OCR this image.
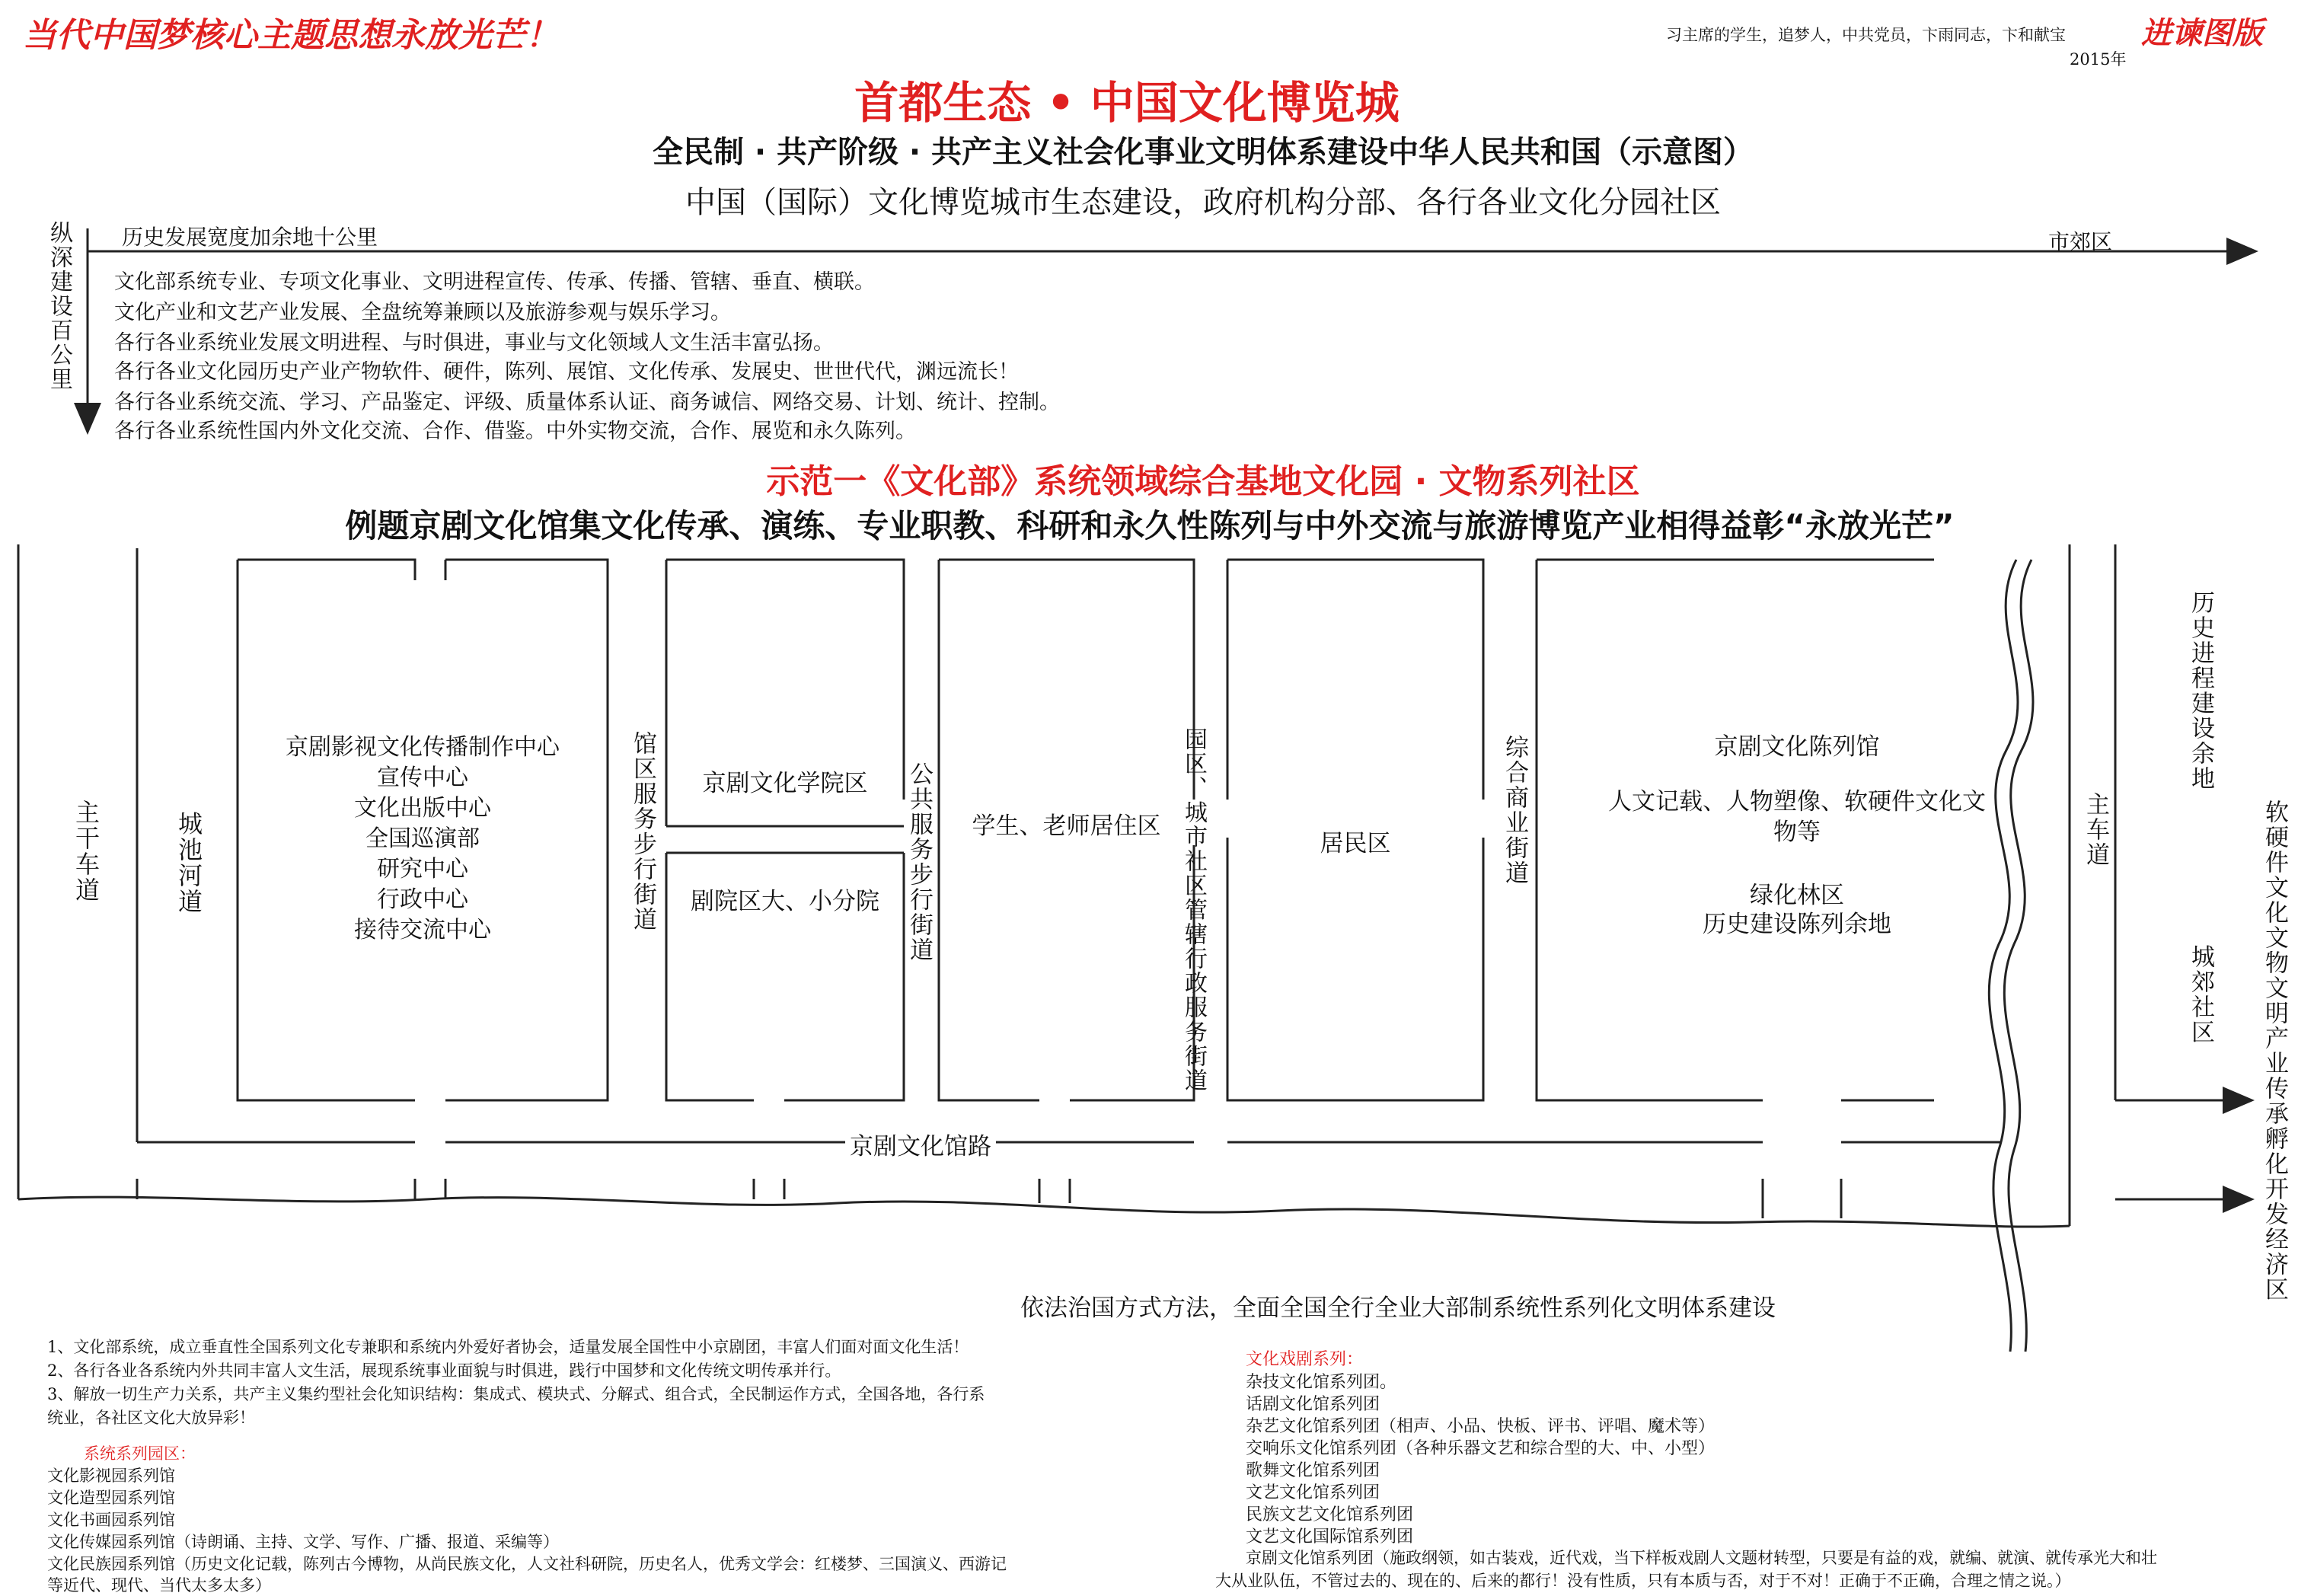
当代中国梦核心主题思想永放光芒！	习主席的学生，追梦人，中共党员，卞雨同志，卞和献宝
2015年
进谏图版
首都生态 • 中国文化博览城
全民制 · 共产阶级 · 共产主义社会化事业文明体系建设中华人民共和国（示意图）
中国（国际）文化博览城市生态建设，政府机构分部、各行各业文化分园社区
历史发展宽度加余地十公里	市郊区
纵深建设百公里 文化部系统专业、专项文化事业、文明进程宣传、传承、传播、管辖、垂直、横联。
文化产业和文艺产业发展、全盘统筹兼顾以及旅游参观与娱乐学习。
各行各业系统业发展文明进程、与时俱进，事业与文化领域人文生活丰富弘扬。
各行各业文化园历史产业产物软件、硬件，陈列、展馆、文化传承、发展史、世世代代，渊远流长！
各行各业系统交流、学习、产品鉴定、评级、质量体系认证、商务诚信、网络交易、计划、统计、控制。
各行各业系统性国内外文化交流、合作、借鉴。中外实物交流，合作、展览和永久陈列。
示范一《文化部》系统领域综合基地文化园 · 文物系列社区
例题京剧文化馆集文化传承、演练、专业职教、科研和永久性陈列与中外交流与旅游博览产业相得益彰“永放光芒”
主干车道	城池河道
京剧影视文化传播制作中心
宣传中心
文化出版中心
全国巡演部
研究中心
行政中心
接待交流中心	馆区服务步行街道	京剧文化学院区
剧院区大、小分院	公共服务步行街道	学生、老师居住区 园区、城市社区管辖行政服务街道	居民区	综合商业街道	京剧文化陈列馆
人文记载、人物塑像、软硬件文化文物等
绿化林区
历史建设陈列余地
主车道
历史进程建设余地
城郊社区 软硬件文化文物文明产业传承孵化开发经济区
京剧文化馆路
依法治国方式方法，全面全国全行全业大部制系统性系列化文明体系建设
1、文化部系统，成立垂直性全国系列文化专兼职和系统内外爱好者协会，适量发展全国性中小京剧团，丰富人们面对面文化生活！
2、各行各业各系统内外共同丰富人文生活，展现系统事业面貌与时俱进，践行中国梦和文化传统文明传承并行。
3、解放一切生产力关系，共产主义集约型社会化知识结构：集成式、模块式、分解式、组合式，全民制运作方式，全国各地，各行系
统业，各社区文化大放异彩！
系统系列园区：
文化影视园系列馆
文化造型园系列馆
文化书画园系列馆
文化传媒园系列馆（诗朗诵、主持、文学、写作、广播、报道、采编等）
文化民族园系列馆（历史文化记载，陈列古今博物，从尚民族文化，人文社科研院，历史名人，优秀文学会：红楼梦、三国演义、西游记
等近代、现代、当代太多太多）
文化戏剧系列：
杂技文化馆系列团。
话剧文化馆系列团
杂艺文化馆系列团（相声、小品、快板、评书、评唱、魔术等）
交响乐文化馆系列团（各种乐器文艺和综合型的大、中、小型）
歌舞文化馆系列团
文艺文化馆系列团
民族文艺文化馆系列团
文艺文化国际馆系列团
京剧文化馆系列团（施政纲领，如古装戏，近代戏，当下样板戏剧人文题材转型，只要是有益的戏，就编、就演、就传承光大和壮
大从业队伍，不管过去的、现在的、后来的都行！没有性质，只有本质与否，对于不对！正确于不正确，合理之情之说。）
